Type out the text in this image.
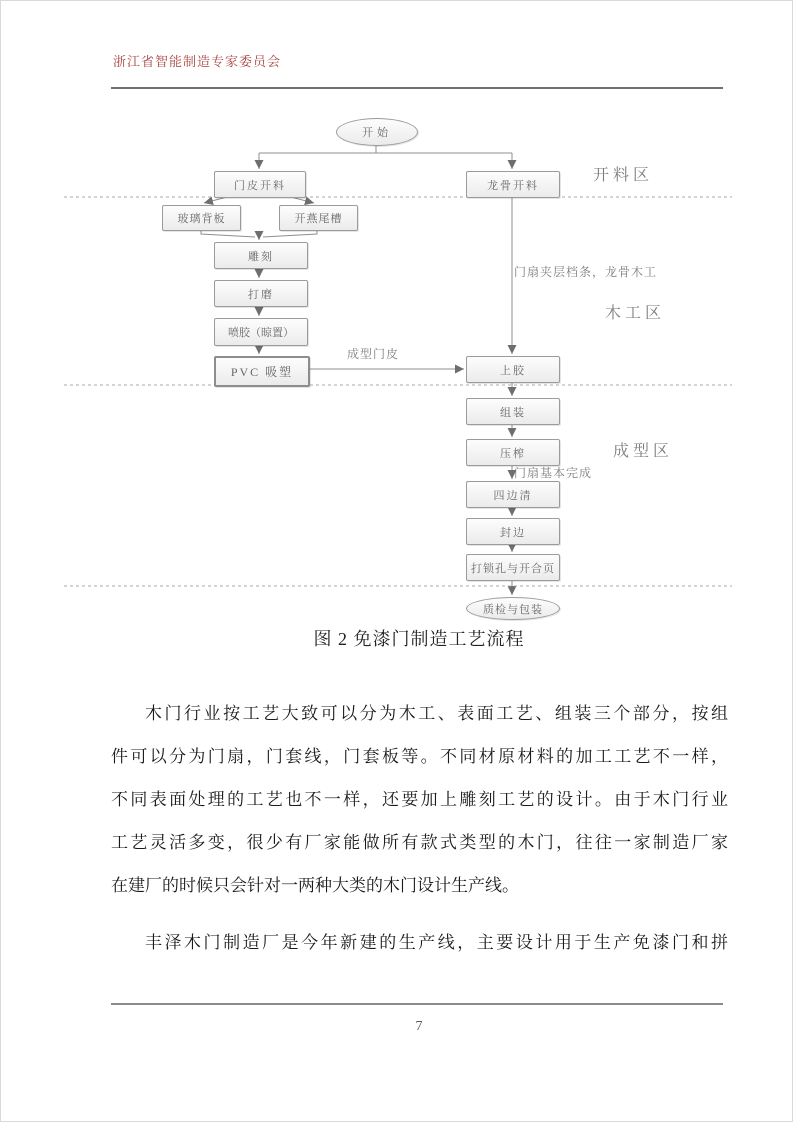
浙江省智能制造专家委员会
开始
门皮开料	龙骨开料
玻璃背板	开燕尾槽
雕刻
打磨
喷胶（晾置）
PVC 吸塑	上胶
组装
压榨
四边清
封边
打锁孔与开合页
质检与包装
开料区
木工区
成型区
门扇夹层档条，龙骨木工
成型门皮
门扇基本完成
图 2 免漆门制造工艺流程
木门行业按工艺大致可以分为木工、表面工艺、组装三个部分，按组
件可以分为门扇，门套线，门套板等。不同材原材料的加工工艺不一样，
不同表面处理的工艺也不一样，还要加上雕刻工艺的设计。由于木门行业
工艺灵活多变，很少有厂家能做所有款式类型的木门，往往一家制造厂家
在建厂的时候只会针对一两种大类的木门设计生产线。
丰泽木门制造厂是今年新建的生产线，主要设计用于生产免漆门和拼
7
